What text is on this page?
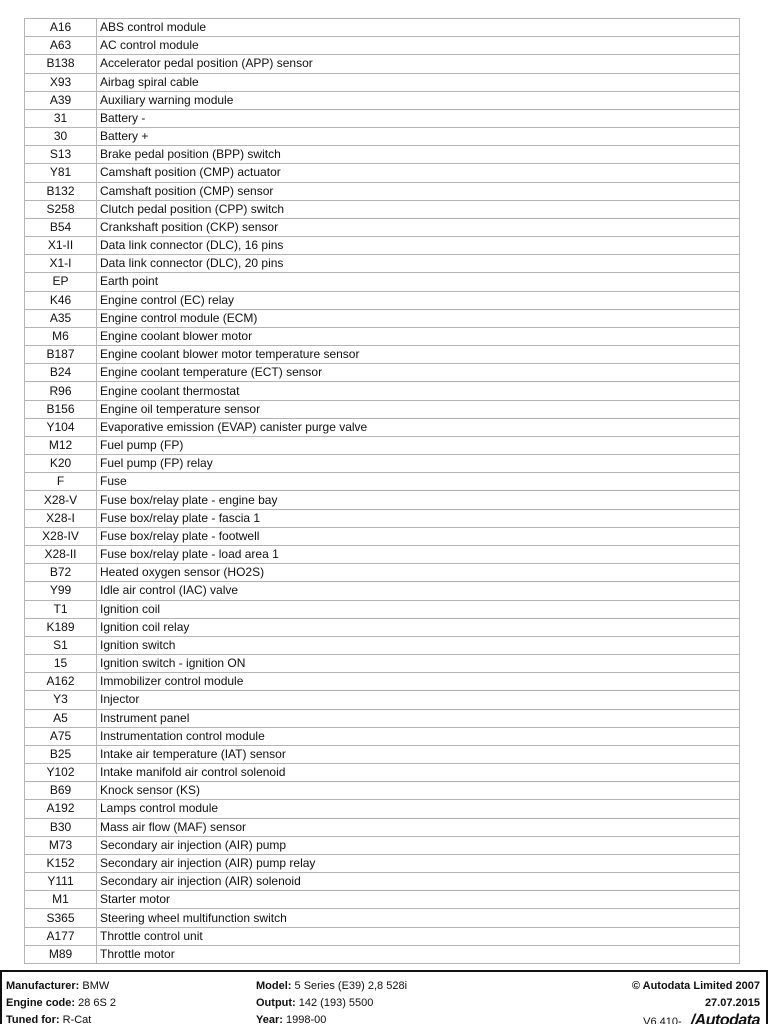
A16	ABS control module
A63	AC control module
B138	Accelerator pedal position (APP) sensor
X93	Airbag spiral cable
A39	Auxiliary warning module
31	Battery -
30	Battery +
S13	Brake pedal position (BPP) switch
Y81	Camshaft position (CMP) actuator
B132	Camshaft position (CMP) sensor
S258	Clutch pedal position (CPP) switch
B54	Crankshaft position (CKP) sensor
X1-II	Data link connector (DLC), 16 pins
X1-I	Data link connector (DLC), 20 pins
EP	Earth point
K46	Engine control (EC) relay
A35	Engine control module (ECM)
M6	Engine coolant blower motor
B187	Engine coolant blower motor temperature sensor
B24	Engine coolant temperature (ECT) sensor
R96	Engine coolant thermostat
B156	Engine oil temperature sensor
Y104	Evaporative emission (EVAP) canister purge valve
M12	Fuel pump (FP)
K20	Fuel pump (FP) relay
F	Fuse
X28-V	Fuse box/relay plate - engine bay
X28-I	Fuse box/relay plate - fascia 1
X28-IV	Fuse box/relay plate - footwell
X28-II	Fuse box/relay plate - load area 1
B72	Heated oxygen sensor (HO2S)
Y99	Idle air control (IAC) valve
T1	Ignition coil
K189	Ignition coil relay
S1	Ignition switch
15	Ignition switch - ignition ON
A162	Immobilizer control module
Y3	Injector
A5	Instrument panel
A75	Instrumentation control module
B25	Intake air temperature (IAT) sensor
Y102	Intake manifold air control solenoid
B69	Knock sensor (KS)
A192	Lamps control module
B30	Mass air flow (MAF) sensor
M73	Secondary air injection (AIR) pump
K152	Secondary air injection (AIR) pump relay
Y111	Secondary air injection (AIR) solenoid
M1	Starter motor
S365	Steering wheel multifunction switch
A177	Throttle control unit
M89	Throttle motor
Manufacturer: BMW
Engine code: 28 6S 2
Tuned for: R-Cat
Model: 5 Series (E39) 2,8 528i
Output: 142 (193) 5500
Year: 1998-00
© Autodata Limited 2007
27.07.2015
V6.410- /Autodata
